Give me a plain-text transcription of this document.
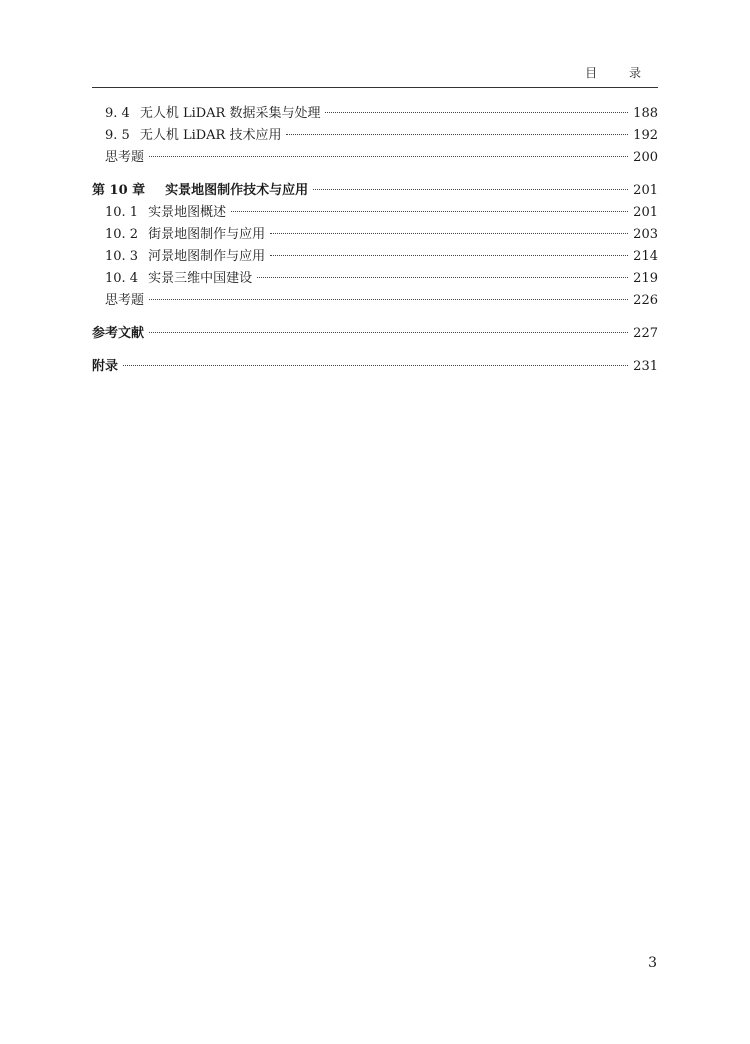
目 录
9. 4 无人机 LiDAR 数据采集与处理	188
9. 5 无人机 LiDAR 技术应用	192
思考题	200
第 10 章 实景地图制作技术与应用	201
10. 1 实景地图概述	201
10. 2 街景地图制作与应用	203
10. 3 河景地图制作与应用	214
10. 4 实景三维中国建设	219
思考题	226
参考文献	227
附录	231
3
